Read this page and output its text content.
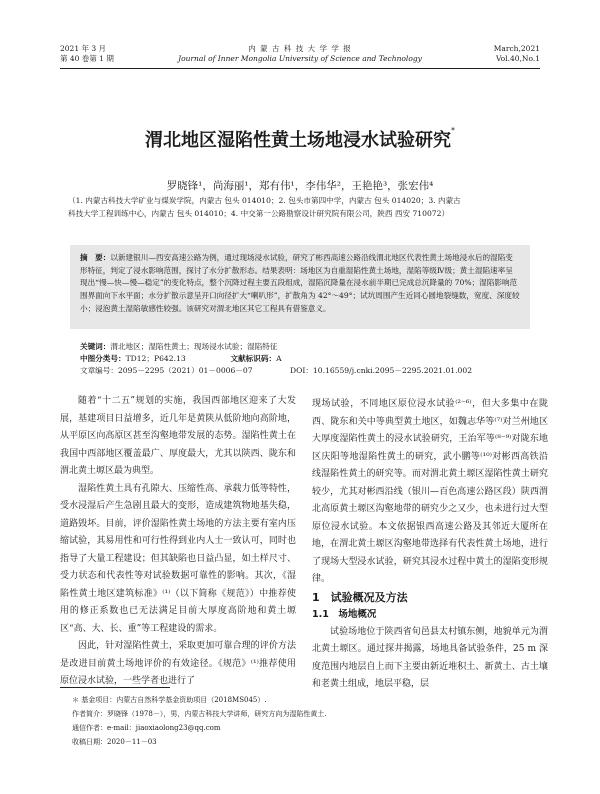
2021 年 3 月
第 40 卷第 1 期
内 蒙 古 科 技 大 学 学 报
Journal of Inner Mongolia University of Science and Technology
March,2021
Vol.40,No.1
渭北地区湿陷性黄土场地浸水试验研究*
罗晓锋¹，尚海丽¹，郑有伟¹，李伟华²，王艳艳³，张宏伟⁴
（1. 内蒙古科技大学矿业与煤炭学院，内蒙古 包头 014010；2. 包头市第四中学，内蒙古 包头 014020；3. 内蒙古
科技大学工程训练中心，内蒙古 包头 014010；4. 中交第一公路勘察设计研究院有限公司，陕西 西安 710072）
摘　要：以新建银川—西安高速公路为例，通过现场浸水试验，研究了彬西高速公路沿线渭北地区代表性黄土场地浸水后的湿陷变形特征，判定了浸水影响范围，探讨了水分扩散形态。结果表明：场地区为自重湿陷性黄土场地，湿陷等级Ⅳ级；黄土湿陷速率呈现出“慢—快—慢—稳定”的变化特点，整个沉降过程主要五段组成，湿陷沉降量在浸水前半期已完成总沉降量的 70%；湿陷影响范围界面向下水平面；水分扩散示意呈开口向径扩大“喇叭形”，扩散角为 42°～49°；试坑周围产生近同心圆地裂缝数，宽度、深度较小；浸泡黄土湿陷敏感性较强。该研究对渭北地区其它工程具有借鉴意义。
关键词：渭北地区；湿陷性黄土；现场浸水试验；湿陷特征
中图分类号：TD12；P642.13	文献标识码：A
文章编号：2095－2295（2021）01－0006－07	DOI：10.16559/j.cnki.2095－2295.2021.01.002

随着“十二五”规划的实施，我国西部地区迎来了大发展，基建项目日益增多，近几年是黄陕从低阶地向高阶地，从平原区向高原区甚至沟壑地带发展的态势。湿陷性黄土在我国中西部地区覆盖最广、厚度最大，尤其以陕西、陇东和渭北黄土塬区最为典型。

湿陷性黄土具有孔隙大、压缩性高、承载力低等特性，受水浸湿后产生急剧且最大的变形，造成建筑物地基失稳，道路毁坏。目前，评价湿陷性黄土场地的方法主要有室内压缩试验，其易用性和可行性得到业内人士一致认可，同时也指导了大量工程建设；但其缺陷也日益凸显，如土样尺寸、受力状态和代表性等对试验数据可靠性的影响。其次，《湿陷性黄土地区建筑标准》⁽¹⁾（以下简称《规范》）中推荐使用的修正系数也已无法满足目前大厚度高阶地和黄土塬区“高、大、长、重”等工程建设的需求。

因此，针对湿陷性黄土，采取更加可靠合理的评价方法是改进目前黄土场地评价的有效途径。《规范》⁽¹⁾推荐使用原位浸水试验，一些学者也进行了

现场试验，不同地区原位浸水试验⁽²⁻⁶⁾，但大多集中在陇西、陇东和关中等典型黄土地区，如魏志华等⁽⁷⁾对兰州地区大厚度湿陷性黄土的浸水试验研究，王治军等⁽⁸⁻⁹⁾对陇东地区庆阳等地湿陷性黄土的研究，武小鹏等⁽¹⁰⁾对彬西高铁沿线湿陷性黄土的研究等。而对渭北黄土塬区湿陷性黄土研究较少，尤其对彬西沿线（银川—百色高速公路区段）陕西渭北高原黄土塬区沟壑地带的研究少之又少，也未进行过大型原位浸水试验。本文依据银西高速公路及其邻近大厦所在地，在渭北黄土塬区沟壑地带选择有代表性黄土场地，进行了现场大型浸水试验，研究其浸水过程中黄土的湿陷变形规律。

1　试验概况及方法

1.1　场地概况

试验场地位于陕西省旬邑县太村镇东侧，地貌单元为渭北黄土塬区。通过探井揭露，场地具备试验条件，25 m 深度范围内地层自上而下主要由新近堆积土、新黄土、古土壤和老黄土组成，地层平稳，层

＊ 基金项目：内蒙古自然科学基金资助项目（2018MS045）.
作者简介：罗晓锋（1978－），男，内蒙古科技大学讲师，研究方向为湿陷性黄土.
通信作者：e-mail：jiaoxiaolong23@qq.com
收稿日期：2020－11－03
